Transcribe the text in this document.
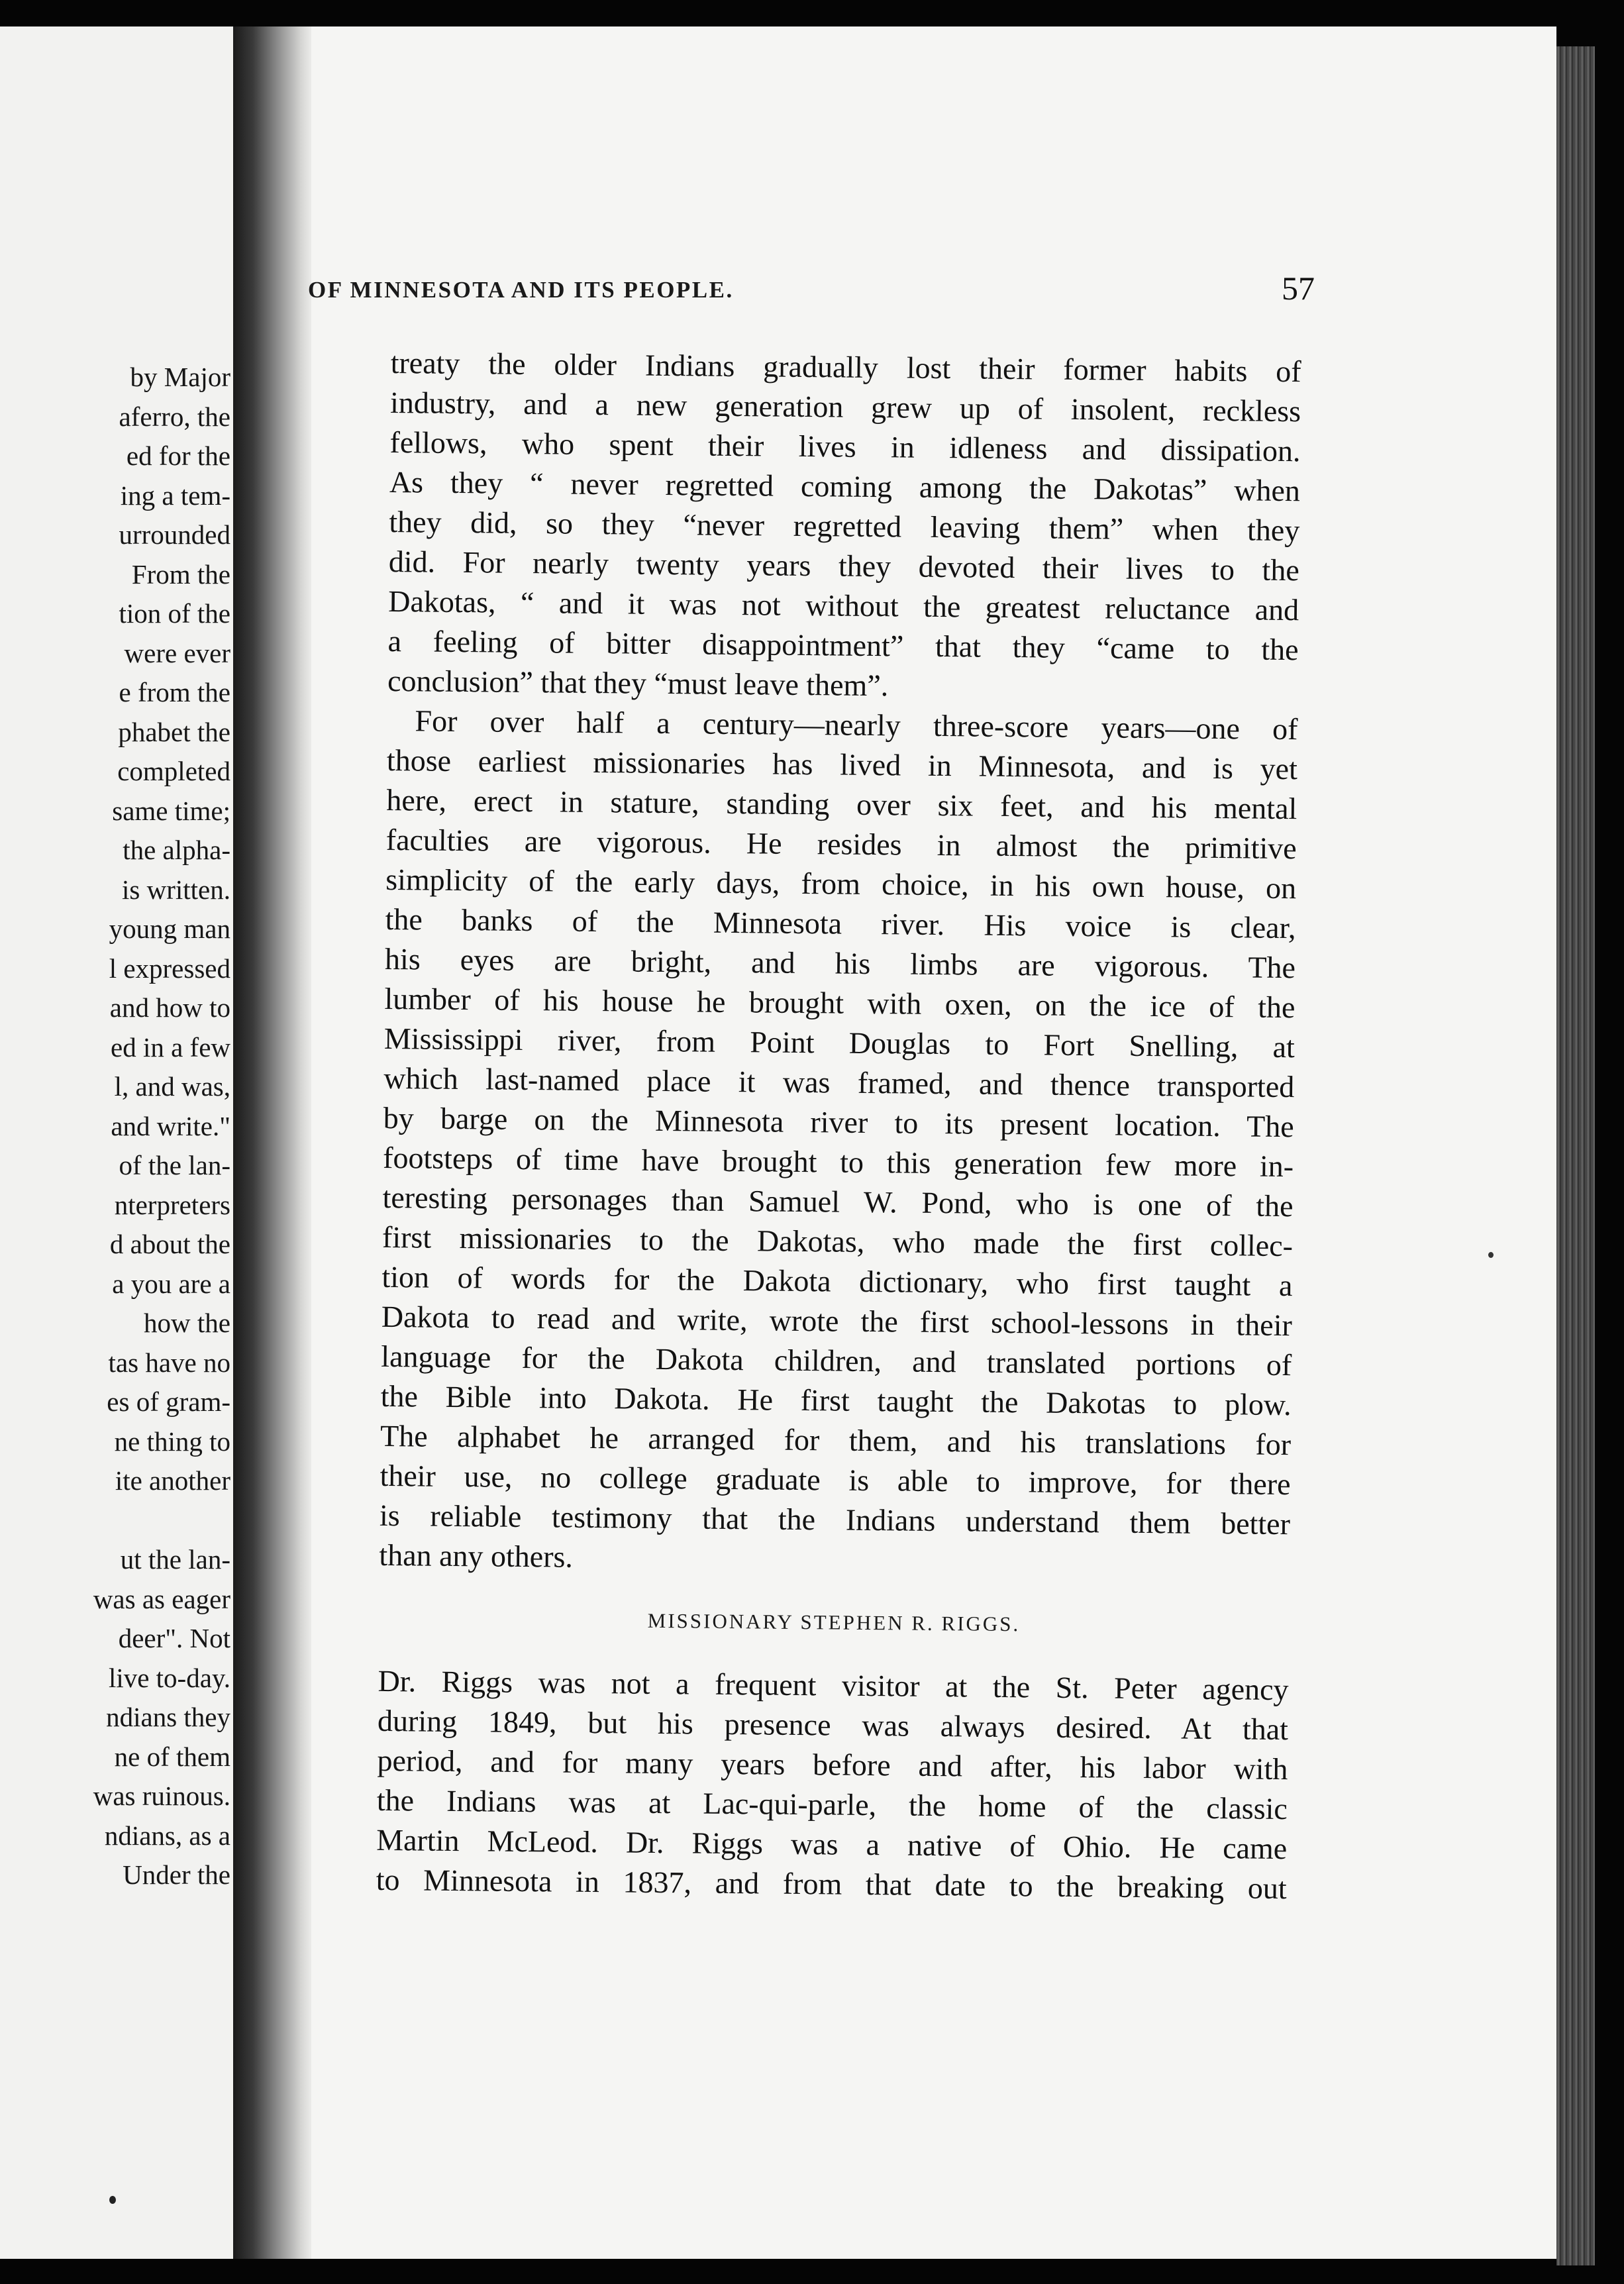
by Major
aferro, the
ed for the
ing a tem-
urrounded
From the
tion of the
were ever
e from the
phabet the
completed
same time;
the alpha-
is written.
young man
l expressed
and how to
ed in a few
l, and was,
and write."
of the lan-
nterpreters
d about the
a you are a
how the
tas have no
es of gram-
ne thing to
ite another
ut the lan-
was as eager
deer". Not
live to-day.
ndians they
ne of them
was ruinous.
ndians, as a
Under the
OF MINNESOTA AND ITS PEOPLE.	57
treaty the older Indians gradually lost their former habits of
industry, and a new generation grew up of insolent, reckless
fellows, who spent their lives in idleness and dissipation.
As they “ never regretted coming among the Dakotas” when
they did, so they “never regretted leaving them” when they
did. For nearly twenty years they devoted their lives to the
Dakotas, “ and it was not without the greatest reluctance and
a feeling of bitter disappointment” that they “came to the
conclusion” that they “must leave them”.
For over half a century—nearly three-score years—one of
those earliest missionaries has lived in Minnesota, and is yet
here, erect in stature, standing over six feet, and his mental
faculties are vigorous. He resides in almost the primitive
simplicity of the early days, from choice, in his own house, on
the banks of the Minnesota river. His voice is clear,
his eyes are bright, and his limbs are vigorous. The
lumber of his house he brought with oxen, on the ice of the
Mississippi river, from Point Douglas to Fort Snelling, at
which last-named place it was framed, and thence transported
by barge on the Minnesota river to its present location. The
footsteps of time have brought to this generation few more in-
teresting personages than Samuel W. Pond, who is one of the
first missionaries to the Dakotas, who made the first collec-
tion of words for the Dakota dictionary, who first taught a
Dakota to read and write, wrote the first school-lessons in their
language for the Dakota children, and translated portions of
the Bible into Dakota. He first taught the Dakotas to plow.
The alphabet he arranged for them, and his translations for
their use, no college graduate is able to improve, for there
is reliable testimony that the Indians understand them better
than any others.
MISSIONARY STEPHEN R. RIGGS.
Dr. Riggs was not a frequent visitor at the St. Peter agency
during 1849, but his presence was always desired. At that
period, and for many years before and after, his labor with
the Indians was at Lac-qui-parle, the home of the classic
Martin McLeod. Dr. Riggs was a native of Ohio. He came
to Minnesota in 1837, and from that date to the breaking out
